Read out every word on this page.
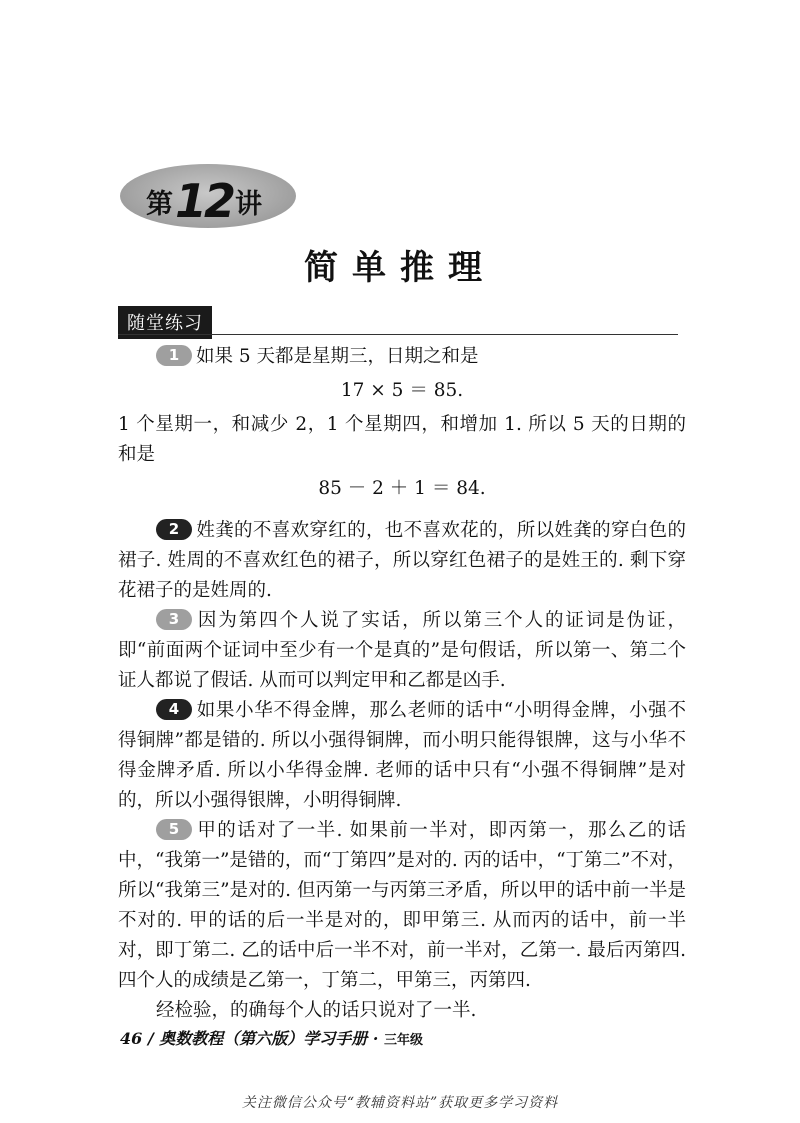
第12讲
简单推理
随堂练习

1 如果 5 天都是星期三，日期之和是

17 × 5 ＝ 85.

1 个星期一，和减少 2，1 个星期四，和增加 1. 所以 5 天的日期的和是

85 － 2 ＋ 1 ＝ 84.

2 姓龚的不喜欢穿红的，也不喜欢花的，所以姓龚的穿白色的裙子. 姓周的不喜欢红色的裙子，所以穿红色裙子的是姓王的. 剩下穿花裙子的是姓周的.

3 因为第四个人说了实话，所以第三个人的证词是伪证，即“前面两个证词中至少有一个是真的”是句假话，所以第一、第二个证人都说了假话. 从而可以判定甲和乙都是凶手.

4 如果小华不得金牌，那么老师的话中“小明得金牌，小强不得铜牌”都是错的. 所以小强得铜牌，而小明只能得银牌，这与小华不得金牌矛盾. 所以小华得金牌. 老师的话中只有“小强不得铜牌”是对的，所以小强得银牌，小明得铜牌.

5 甲的话对了一半. 如果前一半对，即丙第一，那么乙的话中，“我第一”是错的，而“丁第四”是对的. 丙的话中，“丁第二”不对，所以“我第三”是对的. 但丙第一与丙第三矛盾，所以甲的话中前一半是不对的. 甲的话的后一半是对的，即甲第三. 从而丙的话中，前一半对，即丁第二. 乙的话中后一半不对，前一半对，乙第一. 最后丙第四. 四个人的成绩是乙第一，丁第二，甲第三，丙第四.

经检验，的确每个人的话只说对了一半.

46 / 奥数教程（第六版）学习手册 · 三年级
关注微信公众号“教辅资料站”获取更多学习资料
